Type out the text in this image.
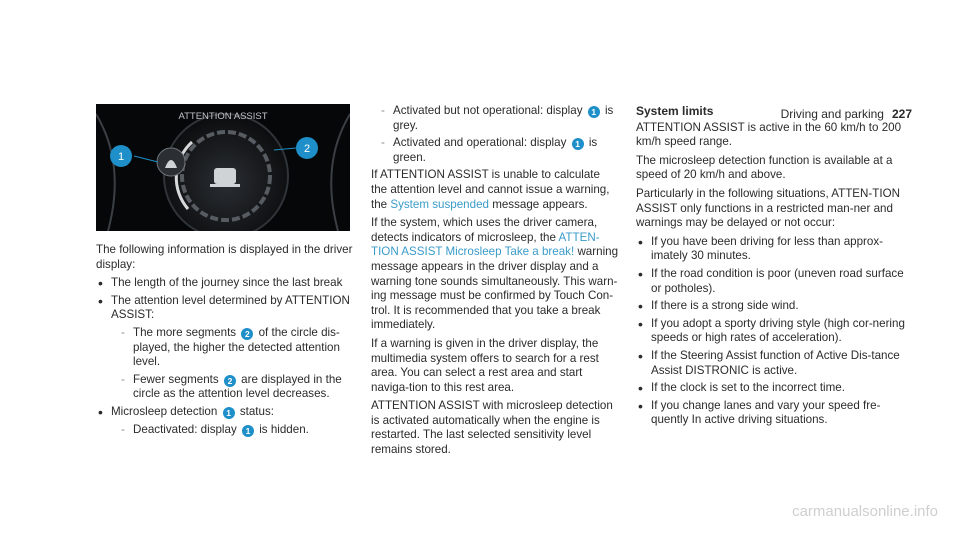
Driving and parking 227
1
2
ATTENTION ASSIST

The following information is displayed in the driver display:

• The length of the journey since the last break
• The attention level determined by ATTENTION ASSIST:
- The more segments 2 of the circle dis-played, the higher the detected attention level.
- Fewer segments 2 are displayed in the circle as the attention level decreases.
• Microsleep detection 1 status:
- Deactivated: display 1 is hidden.
- Activated but not operational: display 1 is grey.
- Activated and operational: display 1 is green.

If ATTENTION ASSIST is unable to calculate the attention level and cannot issue a warning, the System suspended message appears.

If the system, which uses the driver camera, detects indicators of microsleep, the ATTEN-TION ASSIST Microsleep Take a break! warning message appears in the driver display and a warning tone sounds simultaneously. This warn-ing message must be confirmed by Touch Con-trol. It is recommended that you take a break immediately.

If a warning is given in the driver display, the multimedia system offers to search for a rest area. You can select a rest area and start naviga-tion to this rest area.

ATTENTION ASSIST with microsleep detection is activated automatically when the engine is restarted. The last selected sensitivity level remains stored.

System limits

ATTENTION ASSIST is active in the 60 km/h to 200 km/h speed range.

The microsleep detection function is available at a speed of 20 km/h and above.

Particularly in the following situations, ATTEN-TION ASSIST only functions in a restricted man-ner and warnings may be delayed or not occur:

• If you have been driving for less than approx-imately 30 minutes.
• If the road condition is poor (uneven road surface or potholes).
• If there is a strong side wind.
• If you adopt a sporty driving style (high cor-nering speeds or high rates of acceleration).
• If the Steering Assist function of Active Dis-tance Assist DISTRONIC is active.
• If the clock is set to the incorrect time.
• If you change lanes and vary your speed fre-quently In active driving situations.
carmanualsonline.info
